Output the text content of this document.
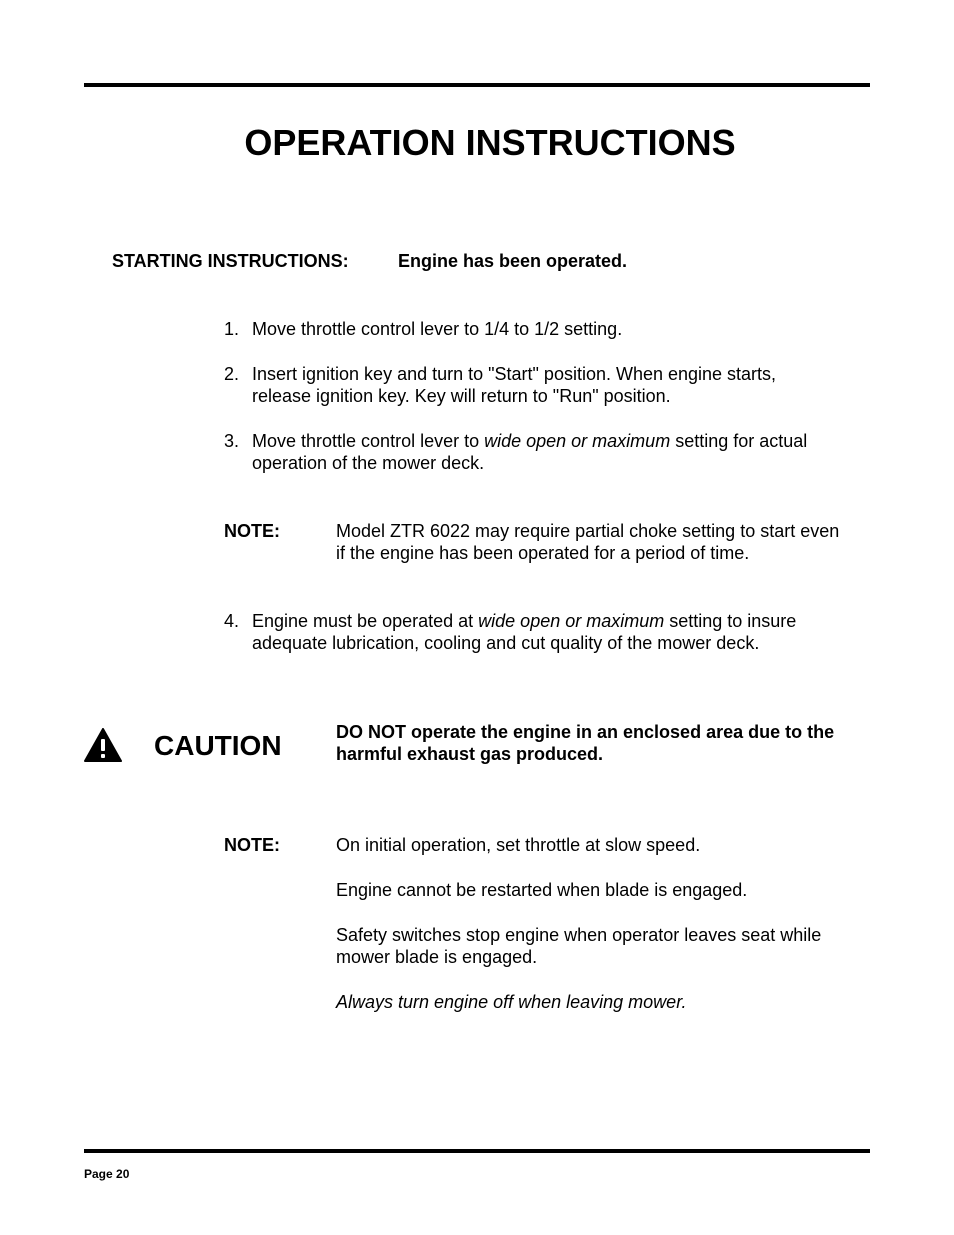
OPERATION INSTRUCTIONS
STARTING INSTRUCTIONS:	Engine has been operated.
1. Move throttle control lever to 1/4 to 1/2 setting.
2. Insert ignition key and turn to "Start" position. When engine starts,
release ignition key. Key will return to "Run" position.
3. Move throttle control lever to wide open or maximum setting for actual
operation of the mower deck.
NOTE:	Model ZTR 6022 may require partial choke setting to start even
if the engine has been operated for a period of time.
4. Engine must be operated at wide open or maximum setting to insure
adequate lubrication, cooling and cut quality of the mower deck.
CAUTION	DO NOT operate the engine in an enclosed area due to the
harmful exhaust gas produced.
NOTE:	On initial operation, set throttle at slow speed.
Engine cannot be restarted when blade is engaged.
Safety switches stop engine when operator leaves seat while
mower blade is engaged.
Always turn engine off when leaving mower.
Page 20
